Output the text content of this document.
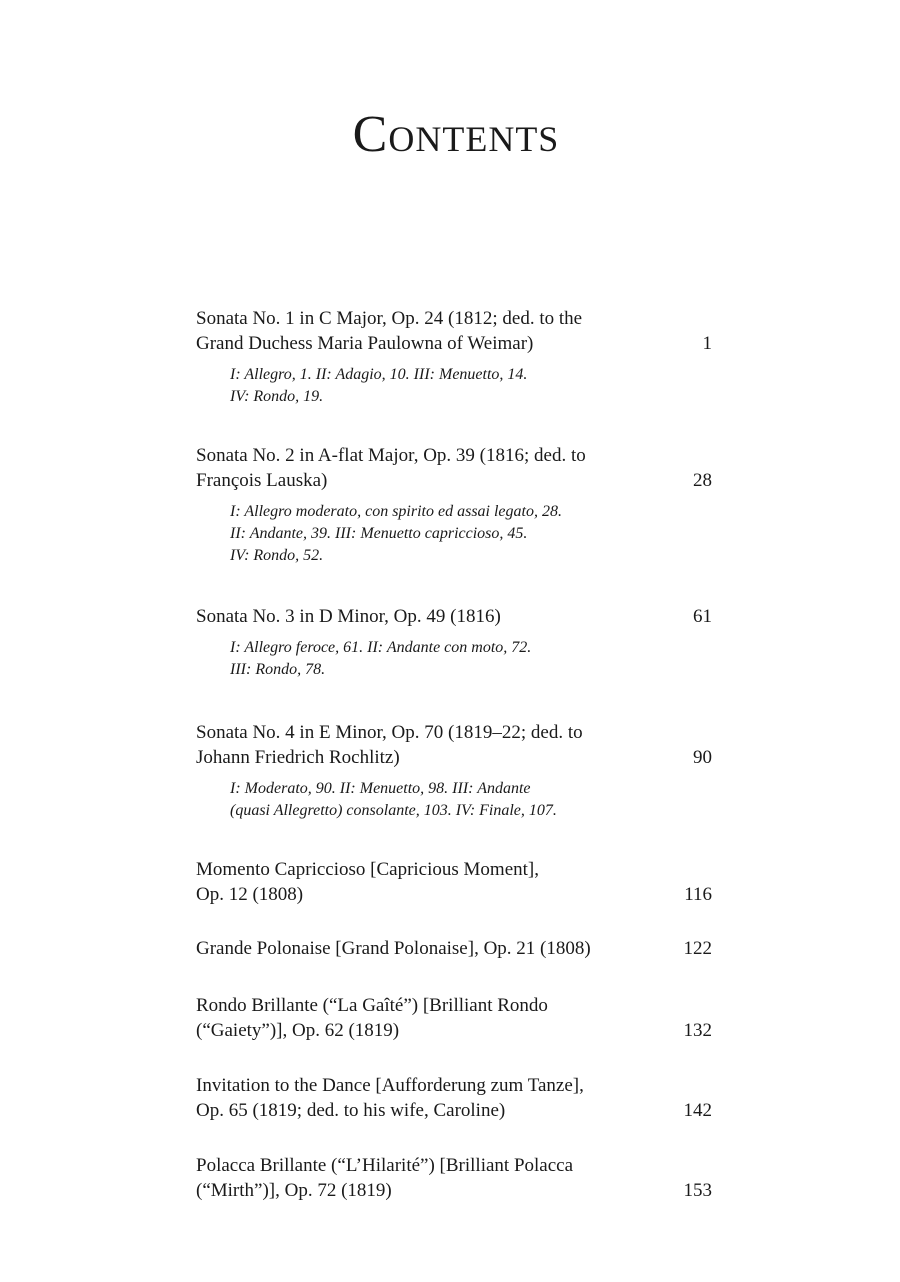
Contents
Sonata No. 1 in C Major, Op. 24 (1812; ded. to the
Grand Duchess Maria Paulowna of Weimar)	1
I: Allegro, 1. II: Adagio, 10. III: Menuetto, 14.
IV: Rondo, 19.
Sonata No. 2 in A-flat Major, Op. 39 (1816; ded. to
François Lauska)	28
I: Allegro moderato, con spirito ed assai legato, 28.
II: Andante, 39. III: Menuetto capriccioso, 45.
IV: Rondo, 52.
Sonata No. 3 in D Minor, Op. 49 (1816)	61
I: Allegro feroce, 61. II: Andante con moto, 72.
III: Rondo, 78.
Sonata No. 4 in E Minor, Op. 70 (1819–22; ded. to
Johann Friedrich Rochlitz)	90
I: Moderato, 90. II: Menuetto, 98. III: Andante
(quasi Allegretto) consolante, 103. IV: Finale, 107.
Momento Capriccioso [Capricious Moment],
Op. 12 (1808)	116
Grande Polonaise [Grand Polonaise], Op. 21 (1808)	122
Rondo Brillante (“La Gaîté”) [Brilliant Rondo
(“Gaiety”)], Op. 62 (1819)	132
Invitation to the Dance [Aufforderung zum Tanze],
Op. 65 (1819; ded. to his wife, Caroline)	142
Polacca Brillante (“L’Hilarité”) [Brilliant Polacca
(“Mirth”)], Op. 72 (1819)	153
